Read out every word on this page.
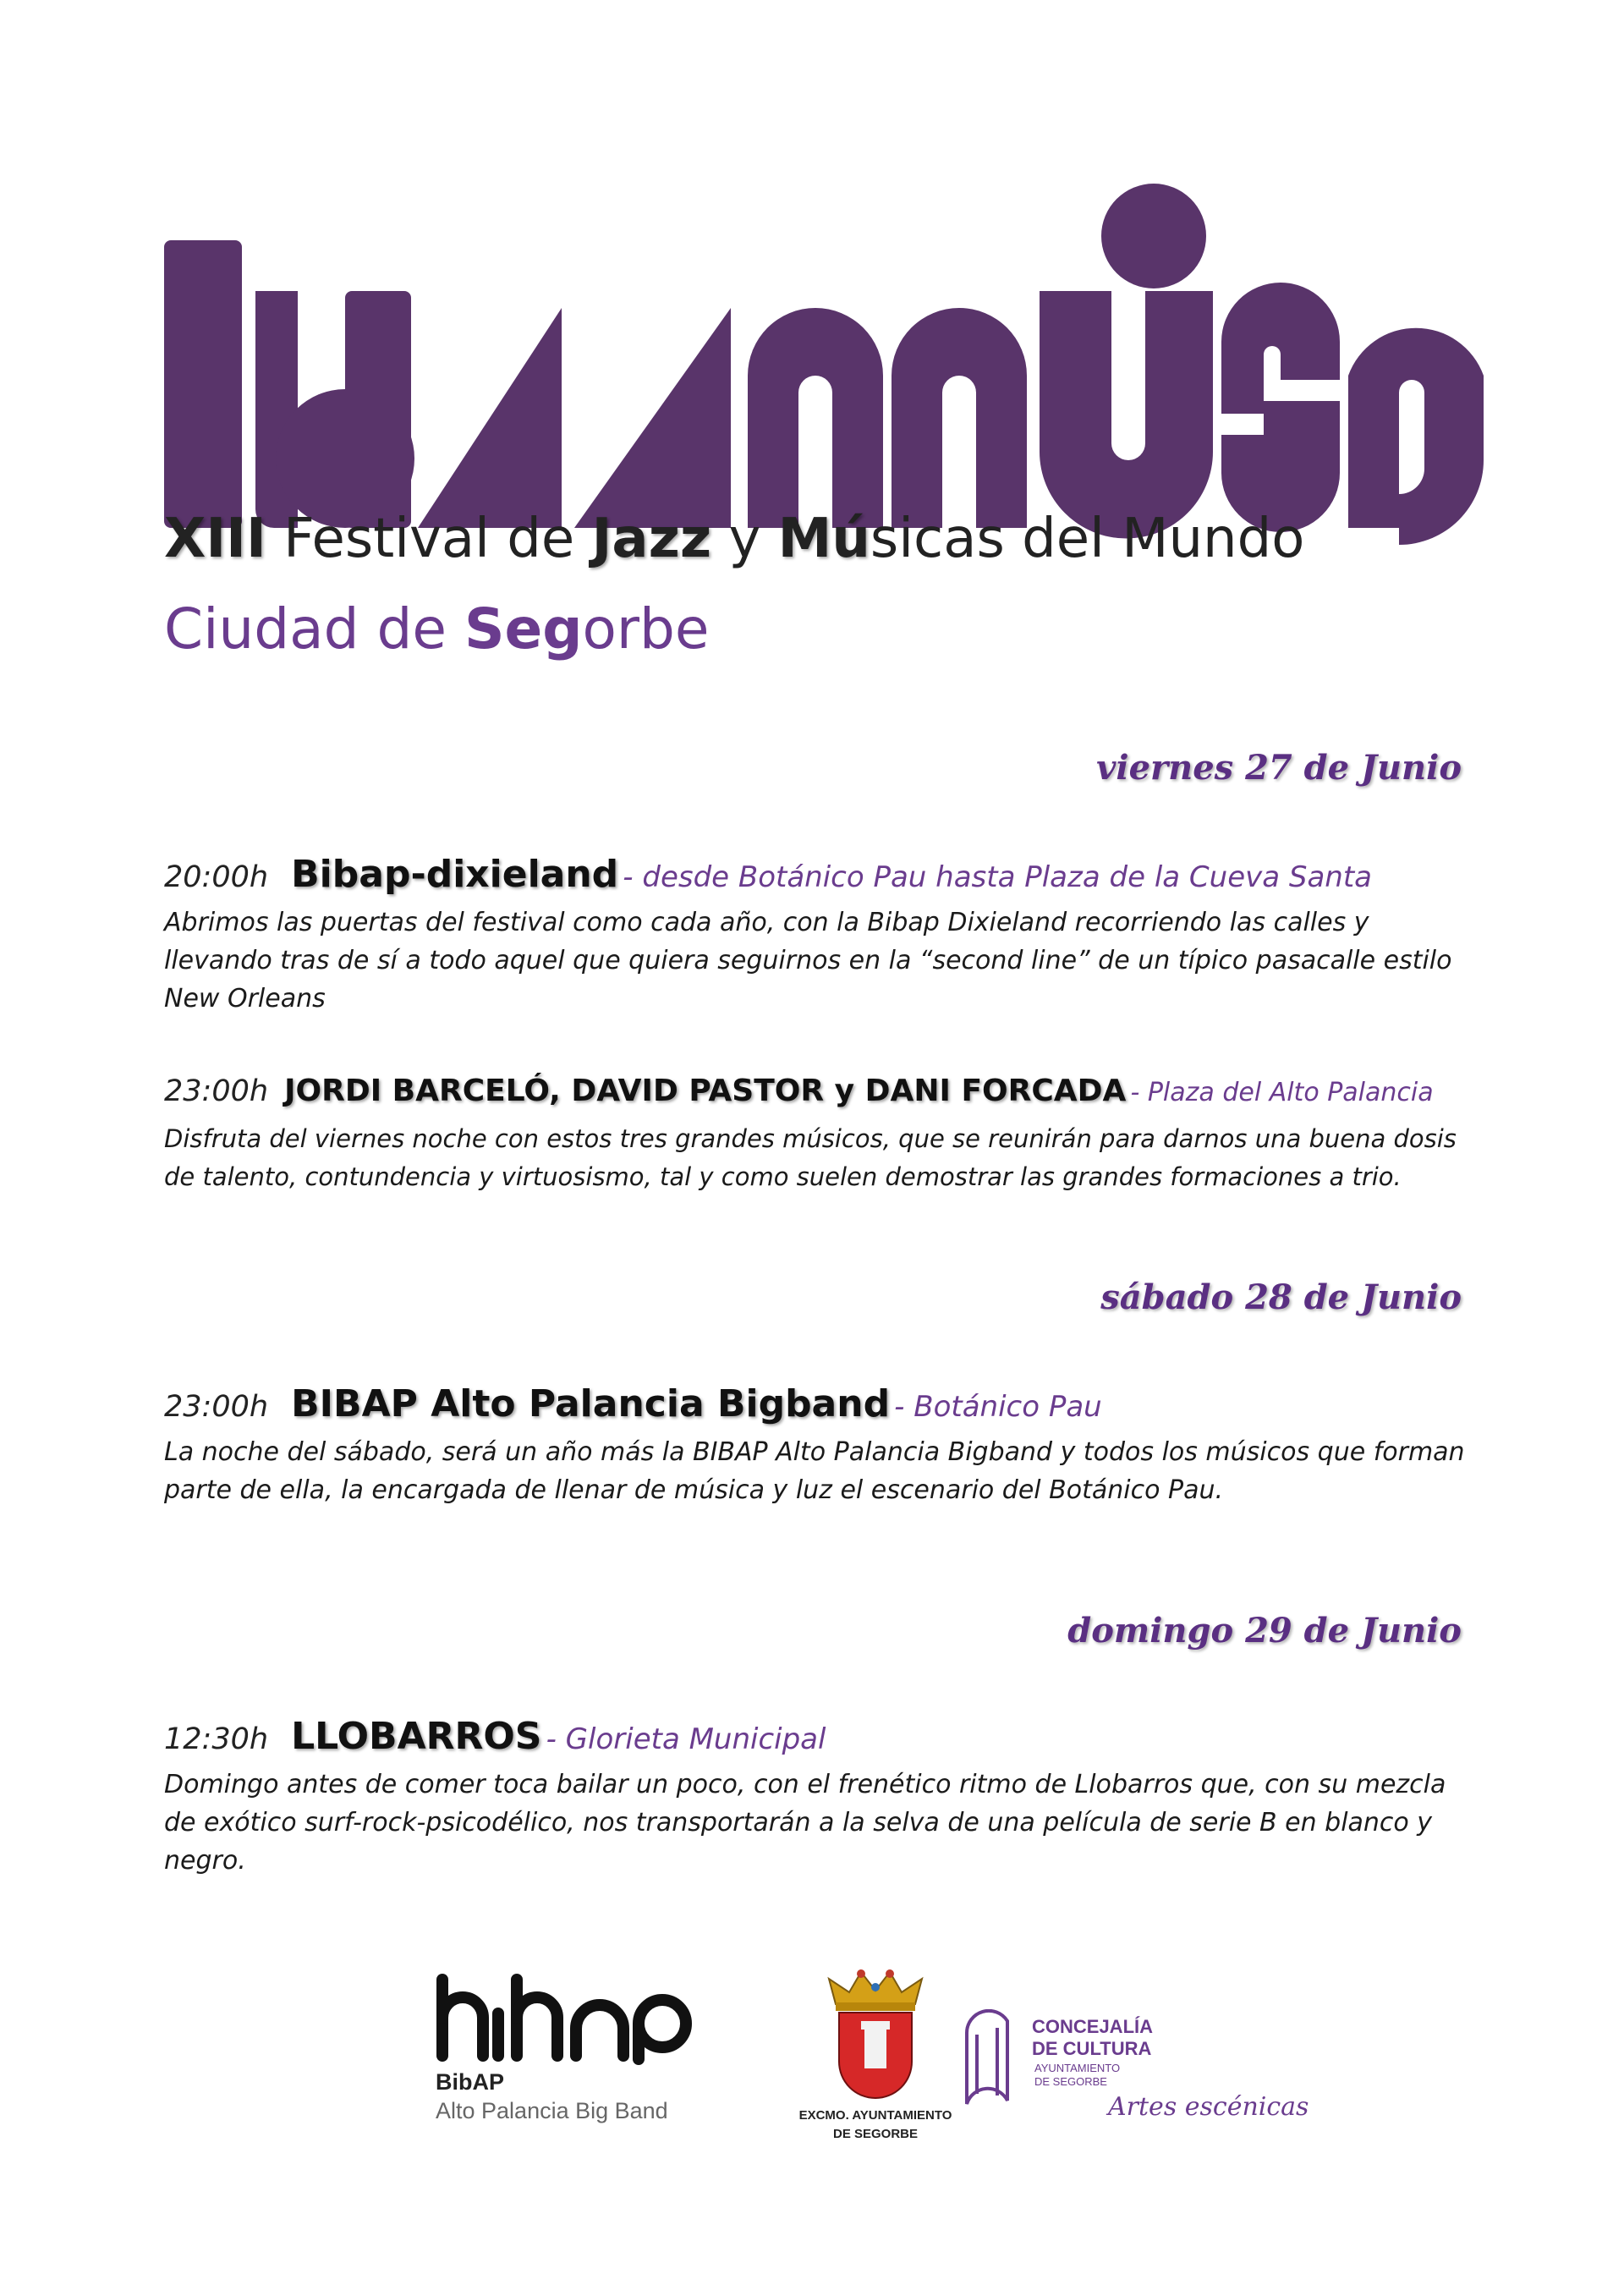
XIII Festival de Jazz y Músicas del Mundo
Ciudad de Segorbe
viernes 27 de Junio
20:00h Bibap-dixieland - desde Botánico Pau hasta Plaza de la Cueva Santa
Abrimos las puertas del festival como cada año, con la Bibap Dixieland recorriendo las calles y llevando tras de sí a todo aquel que quiera seguirnos en la “second line” de un típico pasacalle estilo New Orleans
23:00h JORDI BARCELÓ, DAVID PASTOR y DANI FORCADA - Plaza del Alto Palancia
Disfruta del viernes noche con estos tres grandes músicos, que se reunirán para darnos una buena dosis de talento, contundencia y virtuosismo, tal y como suelen demostrar las grandes formaciones a trio.
sábado 28 de Junio
23:00h BIBAP Alto Palancia Bigband - Botánico Pau
La noche del sábado, será un año más la BIBAP Alto Palancia Bigband y todos los músicos que forman parte de ella, la encargada de llenar de música y luz el escenario del Botánico Pau.
domingo 29 de Junio
12:30h LLOBARROS - Glorieta Municipal
Domingo antes de comer toca bailar un poco, con el frenético ritmo de Llobarros que, con su mezcla de exótico surf-rock-psicodélico, nos transportarán a la selva de una película de serie B en blanco y negro.
BibAP
Alto Palancia Big Band	EXCMO. AYUNTAMIENTO
DE SEGORBE
CONCEJALÍA
DE CULTURA
AYUNTAMIENTO
DE SEGORBE
Artes escénicas
